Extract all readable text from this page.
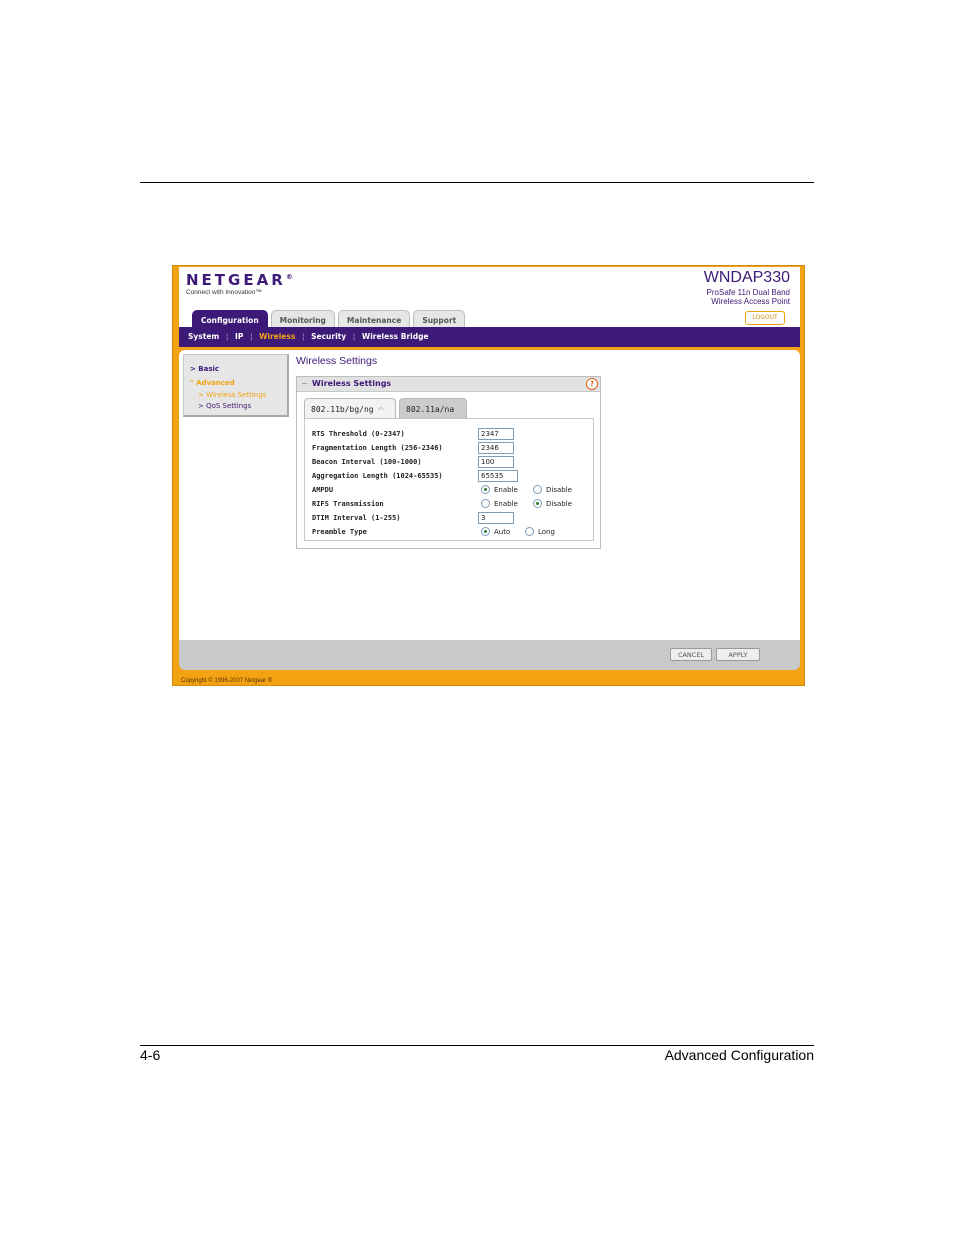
NETGEAR®
Connect with Innovation™
WNDAP330
ProSafe 11n Dual Band
Wireless Access Point
LOGOUT
Configuration	Monitoring	Maintenance	Support
System ¦ IP ¦ Wireless ¦ Security ¦ Wireless Bridge
> Basic
" Advanced
> Wireless Settings
> QoS Settings
Wireless Settings
− Wireless Settings	?
802.11b/bg/ng ◠	802.11a/na
RTS Threshold (0-2347)	2347
Fragmentation Length (256-2346)	2346
Beacon Interval (100-1000)	100
Aggregation Length (1024-65535)	65535
AMPDU	Enable	Disable
RIFS Transmission	Enable	Disable
DTIM Interval (1-255)	3
Preamble Type	Auto	Long
CANCEL	APPLY
Copyright © 1996-2007 Netgear ®
4-6	Advanced Configuration
